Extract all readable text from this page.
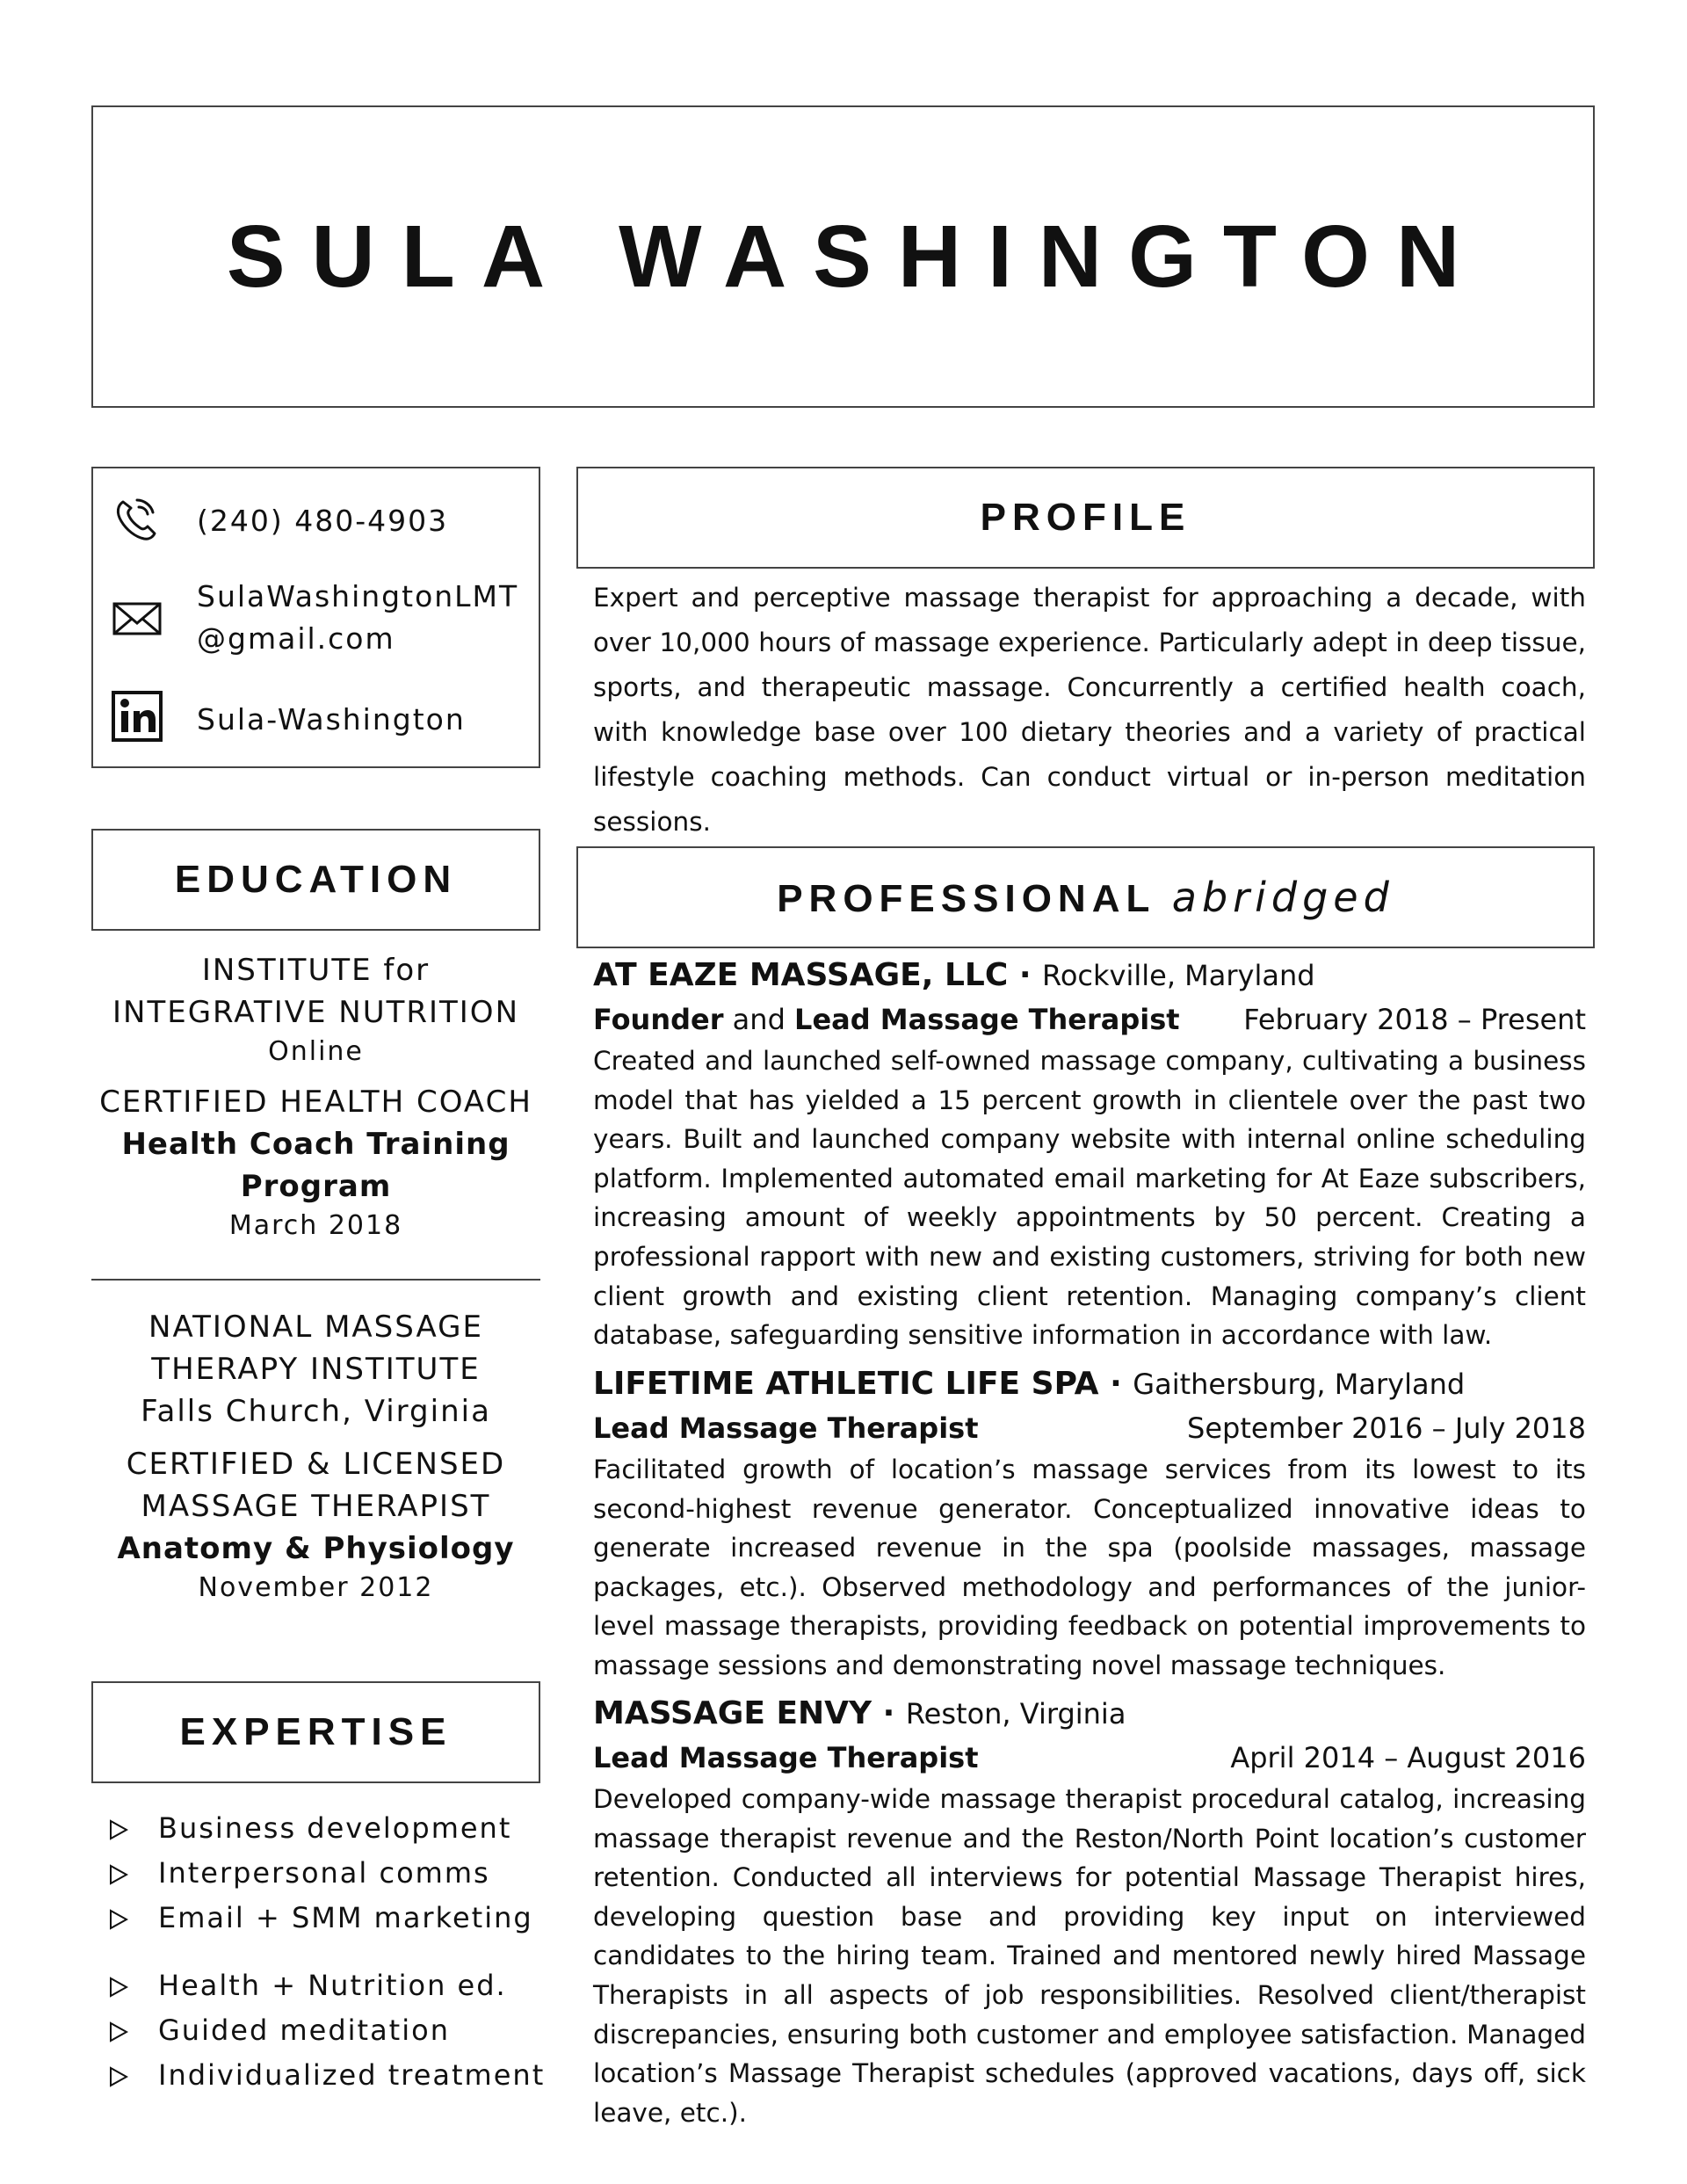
SULA WASHINGTON

(240) 480-4903

SulaWashingtonLMT

@gmail.com

Sula-Washington

PROFILE

Expert and perceptive massage therapist for approaching a decade, with over 10,000 hours of massage experience. Particularly adept in deep tissue, sports, and therapeutic massage. Concurrently a certified health coach, with knowledge base over 100 dietary theories and a variety of practical lifestyle coaching methods. Can conduct virtual or in-person meditation sessions.

EDUCATION

INSTITUTE for

INTEGRATIVE NUTRITION

Online

CERTIFIED HEALTH COACH

Health Coach Training

Program

March 2018

NATIONAL MASSAGE

THERAPY INSTITUTE

Falls Church, Virginia

CERTIFIED & LICENSED

MASSAGE THERAPIST

Anatomy & Physiology

November 2012

EXPERTISE
Business development
Interpersonal comms
Email + SMM marketing
Health + Nutrition ed.
Guided meditation
Individualized treatment
PROFESSIONAL abridged

AT EAZE MASSAGE, LLC · Rockville, Maryland

Founder and Lead Massage Therapist February 2018 – Present

Created and launched self-owned massage company, cultivating a business model that has yielded a 15 percent growth in clientele over the past two years. Built and launched company website with internal online scheduling platform. Implemented automated email marketing for At Eaze subscribers, increasing amount of weekly appointments by 50 percent. Creating a professional rapport with new and existing customers, striving for both new client growth and existing client retention. Managing company’s client database, safeguarding sensitive information in accordance with law.

LIFETIME ATHLETIC LIFE SPA · Gaithersburg, Maryland

Lead Massage Therapist	September 2016 – July 2018

Facilitated growth of location’s massage services from its lowest to its second-highest revenue generator. Conceptualized innovative ideas to generate increased revenue in the spa (poolside massages, massage packages, etc.). Observed methodology and performances of the junior-level massage therapists, providing feedback on potential improvements to massage sessions and demonstrating novel massage techniques.

MASSAGE ENVY · Reston, Virginia

Lead Massage Therapist	April 2014 – August 2016

Developed company-wide massage therapist procedural catalog, increasing massage therapist revenue and the Reston/North Point location’s customer retention. Conducted all interviews for potential Massage Therapist hires, developing question base and providing key input on interviewed candidates to the hiring team. Trained and mentored newly hired Massage Therapists in all aspects of job responsibilities. Resolved client/therapist discrepancies, ensuring both customer and employee satisfaction. Managed location’s Massage Therapist schedules (approved vacations, days off, sick leave, etc.).
